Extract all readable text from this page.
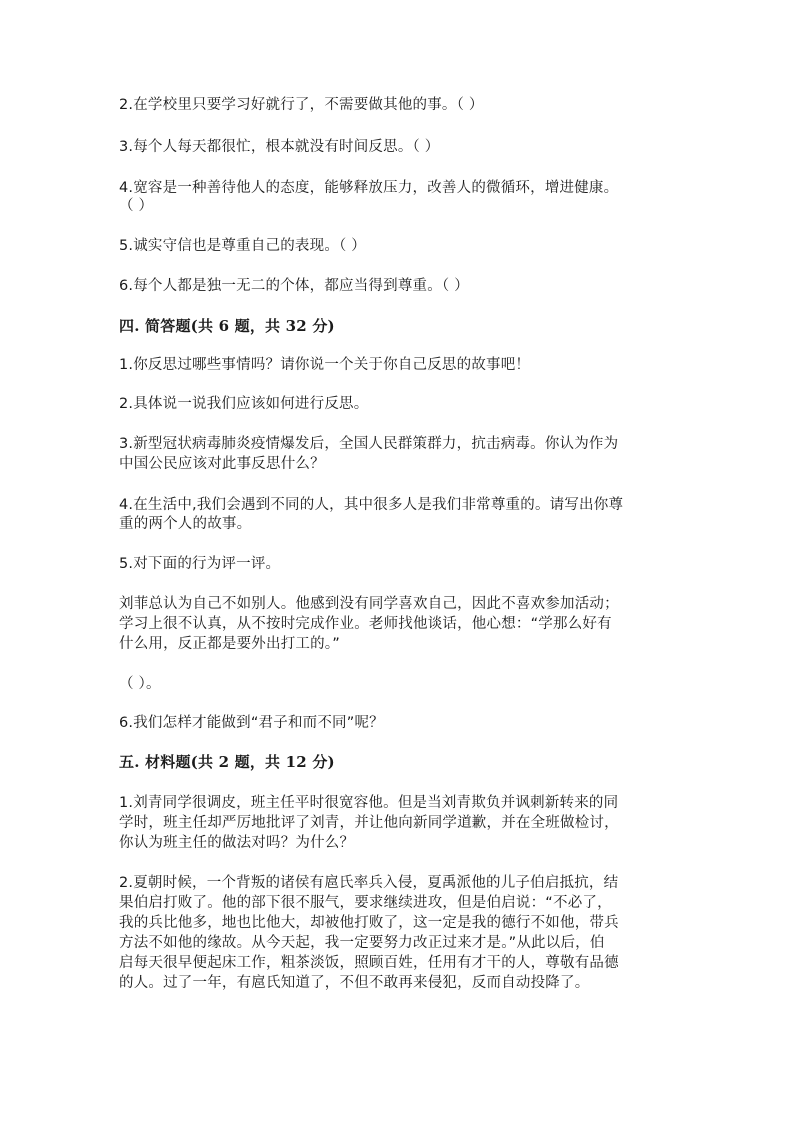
2.在学校里只要学习好就行了，不需要做其他的事。（ ）
3.每个人每天都很忙，根本就没有时间反思。（ ）
4.宽容是一种善待他人的态度，能够释放压力，改善人的微循环，增进健康。
（ ）
5.诚实守信也是尊重自己的表现。（ ）
6.每个人都是独一无二的个体，都应当得到尊重。（ ）
四. 简答题(共 6 题，共 32 分)
1.你反思过哪些事情吗？请你说一个关于你自己反思的故事吧！
2.具体说一说我们应该如何进行反思。
3.新型冠状病毒肺炎疫情爆发后，全国人民群策群力，抗击病毒。你认为作为
中国公民应该对此事反思什么？
4.在生活中,我们会遇到不同的人，其中很多人是我们非常尊重的。请写出你尊
重的两个人的故事。
5.对下面的行为评一评。
刘菲总认为自己不如别人。他感到没有同学喜欢自己，因此不喜欢参加活动；
学习上很不认真，从不按时完成作业。老师找他谈话，他心想：“学那么好有
什么用，反正都是要外出打工的。”
（ ）。
6.我们怎样才能做到“君子和而不同”呢？
五. 材料题(共 2 题，共 12 分)
1.刘青同学很调皮，班主任平时很宽容他。但是当刘青欺负并讽刺新转来的同
学时，班主任却严厉地批评了刘青，并让他向新同学道歉，并在全班做检讨，
你认为班主任的做法对吗？为什么？
2.夏朝时候，一个背叛的诸侯有扈氏率兵入侵，夏禹派他的儿子伯启抵抗，结
果伯启打败了。他的部下很不服气，要求继续进攻，但是伯启说：“不必了，
我的兵比他多，地也比他大，却被他打败了，这一定是我的德行不如他，带兵
方法不如他的缘故。从今天起，我一定要努力改正过来才是。”从此以后，伯
启每天很早便起床工作，粗茶淡饭，照顾百姓，任用有才干的人，尊敬有品德
的人。过了一年，有扈氏知道了，不但不敢再来侵犯，反而自动投降了。
